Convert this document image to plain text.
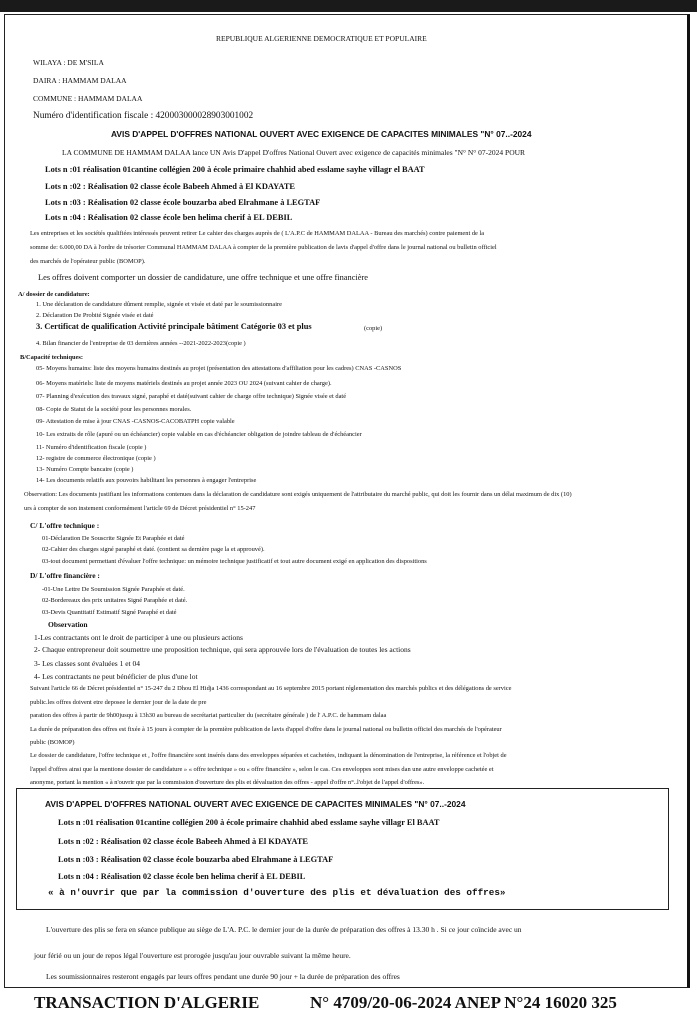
REPUBLIQUE ALGERIENNE DEMOCRATIQUE ET POPULAIRE
WILAYA : DE M'SILA
DAIRA : HAMMAM DALAA
COMMUNE : HAMMAM DALAA
Numéro d'identification fiscale : 420003000028903001002
AVIS D'APPEL D'OFFRES NATIONAL OUVERT AVEC EXIGENCE DE CAPACITES MINIMALES "N° 07..-2024
LA COMMUNE DE HAMMAM DALAA lance UN Avis D'appel D'offres National Ouvert avec exigence de capacités minimales "N° N° 07-2024 POUR
Lots n :01 réalisation 01cantine collégien 200 à école primaire chahhid abed esslame sayhe villagr el BAAT
Lots n :02 : Réalisation 02 classe école Babeeh Ahmed à El KDAYATE
Lots n :03 : Réalisation 02 classe école bouzarba abed Elrahmane à LEGTAF
Lots n :04 : Réalisation 02 classe école ben helima cherif à EL DEBIL
Les entreprises et les sociétés qualifiées intéressés peuvent retirer Le cahier des charges auprès de ( L'A.P.C de HAMMAM DALAA - Bureau des marchés) contre paiement de la
somme de: 6.000,00 DA à l'ordre de trésorier Communal HAMMAM DALAA à compter de la première publication de lavis d'appel d'offre dans le journal national ou bulletin officiel
des marchés de l'opérateur public (BOMOP).
Les offres doivent comporter un dossier de candidature, une offre technique et une offre financière
A/ dossier de candidature:
1. Une déclaration de candidature dûment remplie, signée et visée et daté par le soumissionnaire
2. Déclaration De Probité Signée visée et daté
3. Certificat de qualification Activité principale bâtiment Catégorie 03 et plus	(copie)
4. Bilan financier de l'entreprise de 03 dernières années --2021-2022-2023(copie )
B/Capacité techniques:
05- Moyens humains: liste des moyens humains destinés au projet (présentation des attestations d'affiliation pour les cadres) CNAS -CASNOS
06- Moyens matériels: liste de moyens matériels destinés au projet année 2023 OU 2024 (suivant cahier de charge).
07- Planning d'exécution des travaux signé, paraphé et daté(suivant cahier de charge offre technique) Signée visée et daté
08- Copie de Statut de la société pour les personnes morales.
09- Attestation de mise à jour CNAS -CASNOS-CACOBATPH copie valable
10- Les extraits de rôle (apuré ou un échéancier) copie valable en cas d'échéancier obligation de joindre tableau de d'échéancier
11- Numéro d'identification fiscale (copie )
12- registre de commerce électronique (copie )
13- Numéro Compte bancaire (copie )
14- Les documents relatifs aux pouvoirs habilitant les personnes à engager l'entreprise
Observation: Les documents justifiant les informations contenues dans la déclaration de candidature sont exigés uniquement de l'attributaire du marché public, qui doit les fournir dans un délai maximum de dix (10)
urs à compter de son instement conformément l'article 69 de Décret présidentiel n° 15-247
C/ L'offre technique :
01-Déclaration De Souscrite Signée Et Paraphée et daté
02-Cahier des charges signé paraphé et daté. (contient sa dernière page la et approuvé).
03-tout document permettant d'évaluer l'offre technique: un mémoire technique justificatif et tout autre document exigé en application des dispositions
D/ L'offre financière :
-01-Une Lettre De Soumission Signée Paraphée et daté.
02-Bordereaux des prix unitaires Signé Paraphée et daté.
03-Devis Quantitatif Estimatif Signé Paraphé et daté
Observation
1-Les contractants ont le droit de participer à une ou plusieurs actions
2- Chaque entrepreneur doit soumettre une proposition technique, qui sera approuvée lors de l'évaluation de toutes les actions
3- Les classes sont évaluées 1 et 04
4- Les contractants ne peut bénéficier de plus d'une lot
Suivant l'article 66 de Décret présidentiel n° 15-247 du 2 Dhou El Hidja 1436 correspondant au 16 septembre 2015 portant réglementation des marchés publics et des délégations de service
public.les offres doivent etre deposee le dernier jour de la date de pre
paration des offres à partir de 9h00jusqu à 13h30 au bureau de secrétariat particulier du (secrétaire générale ) de l' A.P.C. de hammam dalaa
La durée de préparation des offres est fixée à 15 jours à compter de la première publication de lavis d'appel d'offre dans le journal national ou bulletin officiel des marchés de l'opérateur
public (BOMOP)
Le dossier de candidature, l'offre technique et , l'offre financière sont insérés dans des enveloppes séparées et cachetées, indiquant la dénomination de l'entreprise, la référence et l'objet de
l'appel d'offres ainsi que la mentione dossier de candidature » « offre technique » ou « offre financière », selon le cas. Ces enveloppes sont mises dan une autre enveloppe cachetée et
anonyme, portant la mention « à n'ouvrir que par la commission d'ouverture des plis et dévaluation des offres - appel d'offre n°..l'objet de l'appel d'offres».
AVIS D'APPEL D'OFFRES NATIONAL OUVERT AVEC EXIGENCE DE CAPACITES MINIMALES "N° 07..-2024
Lots n :01 réalisation 01cantine collégien 200 à école primaire chahhid abed esslame sayhe villagr El BAAT
Lots n :02 : Réalisation 02 classe école Babeeh Ahmed à El KDAYATE
Lots n :03 : Réalisation 02 classe école bouzarba abed Elrahmane à LEGTAF
Lots n :04 : Réalisation 02 classe école ben helima cherif à EL DEBIL
« à n'ouvrir que par la commission d'ouverture des plis et dévaluation des offres»
L'ouverture des plis se fera en séance publique au siège de L'A. P.C. le dernier jour de la durée de préparation des offres à 13.30 h . Si ce jour coïncide avec un
jour férié ou un jour de repos légal l'ouverture est prorogée jusqu'au jour ouvrable suivant la même heure.
Les soumissionnaires resteront engagés par leurs offres pendant une durée 90 jour + la durée de préparation des offres
TRANSACTION D'ALGERIE	N° 4709/20-06-2024 ANEP N°24 16020 325
